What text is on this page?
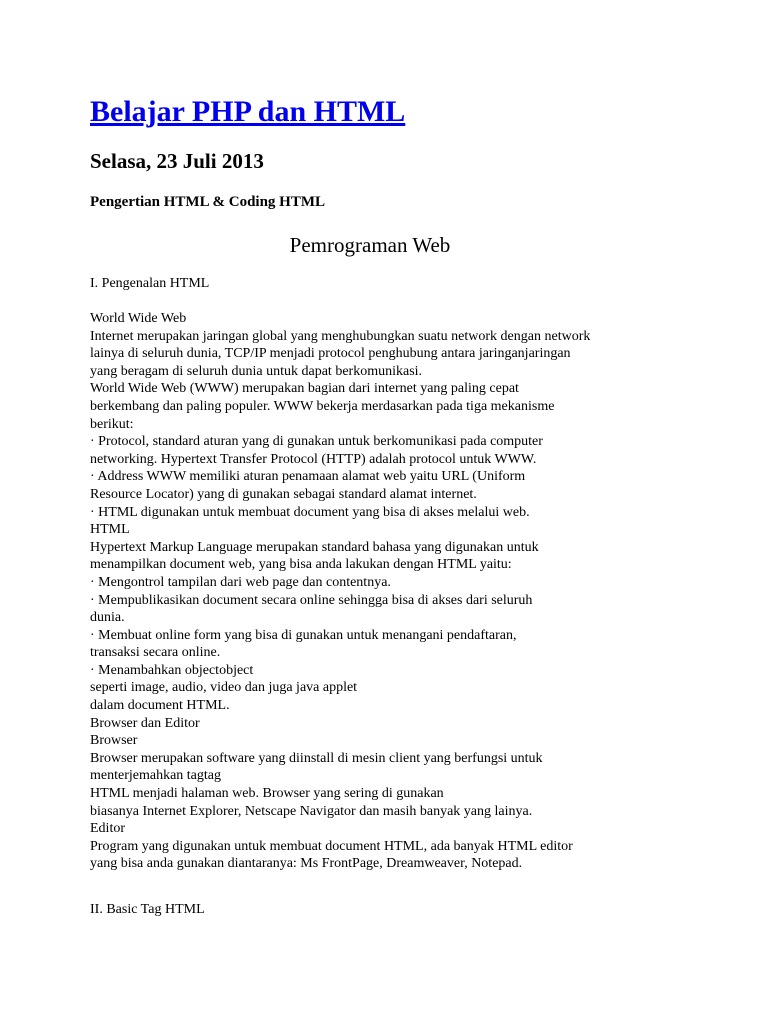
Belajar PHP dan HTML
Selasa, 23 Juli 2013
Pengertian HTML & Coding HTML
Pemrograman Web
I. Pengenalan HTML
World Wide Web
Internet merupakan jaringan global yang menghubungkan suatu network dengan network
lainya di seluruh dunia, TCP/IP menjadi protocol penghubung antara jaringanjaringan
yang beragam di seluruh dunia untuk dapat berkomunikasi.
World Wide Web (WWW) merupakan bagian dari internet yang paling cepat
berkembang dan paling populer. WWW bekerja merdasarkan pada tiga mekanisme
berikut:
· Protocol, standard aturan yang di gunakan untuk berkomunikasi pada computer
networking. Hypertext Transfer Protocol (HTTP) adalah protocol untuk WWW.
· Address WWW memiliki aturan penamaan alamat web yaitu URL (Uniform
Resource Locator) yang di gunakan sebagai standard alamat internet.
· HTML digunakan untuk membuat document yang bisa di akses melalui web.
HTML
Hypertext Markup Language merupakan standard bahasa yang digunakan untuk
menampilkan document web, yang bisa anda lakukan dengan HTML yaitu:
· Mengontrol tampilan dari web page dan contentnya.
· Mempublikasikan document secara online sehingga bisa di akses dari seluruh
dunia.
· Membuat online form yang bisa di gunakan untuk menangani pendaftaran,
transaksi secara online.
· Menambahkan objectobject
seperti image, audio, video dan juga java applet
dalam document HTML.
Browser dan Editor
Browser
Browser merupakan software yang diinstall di mesin client yang berfungsi untuk
menterjemahkan tagtag
HTML menjadi halaman web. Browser yang sering di gunakan
biasanya Internet Explorer, Netscape Navigator dan masih banyak yang lainya.
Editor
Program yang digunakan untuk membuat document HTML, ada banyak HTML editor
yang bisa anda gunakan diantaranya: Ms FrontPage, Dreamweaver, Notepad.
II. Basic Tag HTML
